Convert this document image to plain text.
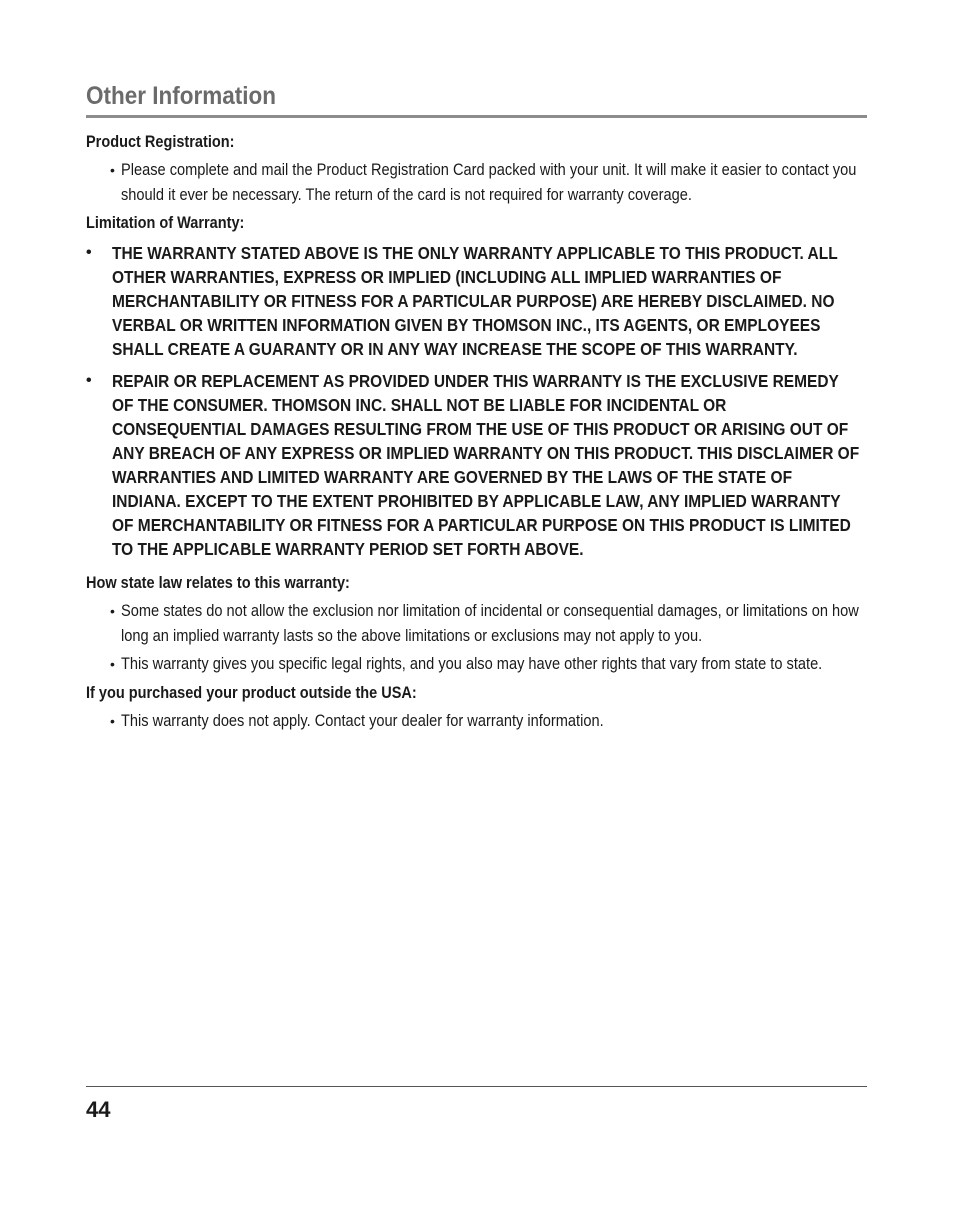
Other Information
Product Registration:
• Please complete and mail the Product Registration Card packed with your unit. It will make it easier to contact you should it ever be necessary. The return of the card is not required for warranty coverage.
Limitation of Warranty:
• THE WARRANTY STATED ABOVE IS THE ONLY WARRANTY APPLICABLE TO THIS PRODUCT. ALL OTHER WARRANTIES, EXPRESS OR IMPLIED (INCLUDING ALL IMPLIED WARRANTIES OF MERCHANTABILITY OR FITNESS FOR A PARTICULAR PURPOSE) ARE HEREBY DISCLAIMED. NO VERBAL OR WRITTEN INFORMATION GIVEN BY THOMSON INC., ITS AGENTS, OR EMPLOYEES SHALL CREATE A GUARANTY OR IN ANY WAY INCREASE THE SCOPE OF THIS WARRANTY.
• REPAIR OR REPLACEMENT AS PROVIDED UNDER THIS WARRANTY IS THE EXCLUSIVE REMEDY OF THE CONSUMER. THOMSON INC. SHALL NOT BE LIABLE FOR INCIDENTAL OR CONSEQUENTIAL DAMAGES RESULTING FROM THE USE OF THIS PRODUCT OR ARISING OUT OF ANY BREACH OF ANY EXPRESS OR IMPLIED WARRANTY ON THIS PRODUCT. THIS DISCLAIMER OF WARRANTIES AND LIMITED WARRANTY ARE GOVERNED BY THE LAWS OF THE STATE OF INDIANA. EXCEPT TO THE EXTENT PROHIBITED BY APPLICABLE LAW, ANY IMPLIED WARRANTY OF MERCHANTABILITY OR FITNESS FOR A PARTICULAR PURPOSE ON THIS PRODUCT IS LIMITED TO THE APPLICABLE WARRANTY PERIOD SET FORTH ABOVE.
How state law relates to this warranty:
• Some states do not allow the exclusion nor limitation of incidental or consequential damages, or limitations on how long an implied warranty lasts so the above limitations or exclusions may not apply to you.
• This warranty gives you specific legal rights, and you also may have other rights that vary from state to state.
If you purchased your product outside the USA:
• This warranty does not apply. Contact your dealer for warranty information.
44
